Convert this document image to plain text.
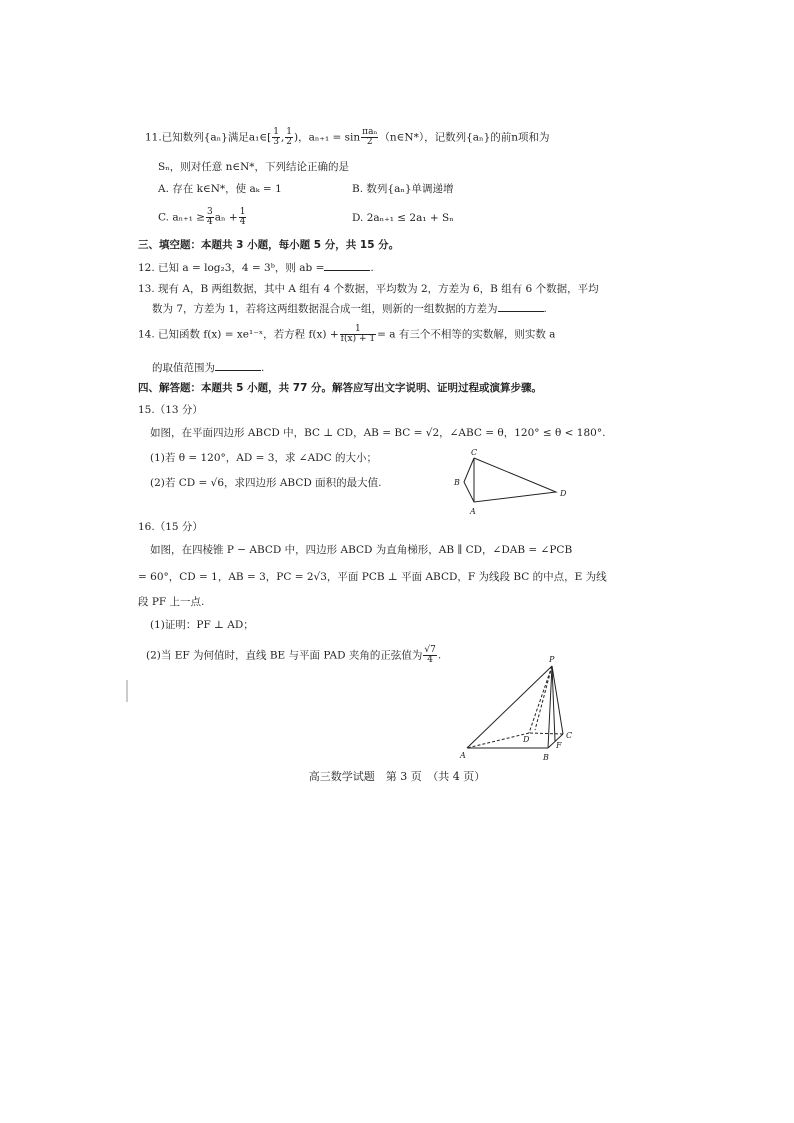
11.已知数列{aₙ}满足a₁∈[ $\frac{1}{3}$ , $\frac{1}{2}$ )，$a_{n+1} = \sin \frac{\text{πaₙ}}{2}$ （n∈N*），记数列{aₙ}的前n项和为
Sₙ，则对任意 n∈N*，下列结论正确的是
A. 存在 k∈N*，使 aₖ = 1	B. 数列{aₙ}单调递增
C. $a_{n+1} \ge \frac{3}{4}$ $a_n + \frac{1}{4}$	D. 2aₙ₊₁ ≤ 2a₁ + Sₙ
三、填空题：本题共 3 小题，每小题 5 分，共 15 分。
12. 已知 a = log₂3，4 = 3ᵇ，则 ab =	.
13. 现有 A，B 两组数据，其中 A 组有 4 个数据，平均数为 2，方差为 6，B 组有 6 个数据，平均
数为 7，方差为 1，若将这两组数据混合成一组，则新的一组数据的方差为	.
14. 已知函数 f(x) = xe¹⁻ˣ，若方程 $f(x) + \frac{1}{f(x) + 1} = a$ 有三个不相等的实数解，则实数 a
的取值范围为	.
四、解答题：本题共 5 小题，共 77 分。解答应写出文字说明、证明过程或演算步骤。
15.（13 分）
如图，在平面四边形 ABCD 中，BC ⊥ CD，AB = BC = √2，∠ABC = θ，120° ≤ θ < 180°.
(1)若 θ = 120°，AD = 3，求 ∠ADC 的大小；
(2)若 CD = √6，求四边形 ABCD 面积的最大值.
C
B
A
D
16.（15 分）
如图，在四棱锥 P − ABCD 中，四边形 ABCD 为直角梯形，AB ∥ CD，∠DAB = ∠PCB
= 60°，CD = 1，AB = 3，PC = 2√3，平面 PCB ⊥ 平面 ABCD，F 为线段 BC 的中点，E 为线
段 PF 上一点.
(1)证明：PF ⊥ AD；
(2)当 EF 为何值时，直线 BE 与平面 PAD 夹角的正弦值为 $\frac{√7}{4}$ .	P
A	B
C
D
F
高三数学试题　第 3 页　（共 4 页）
